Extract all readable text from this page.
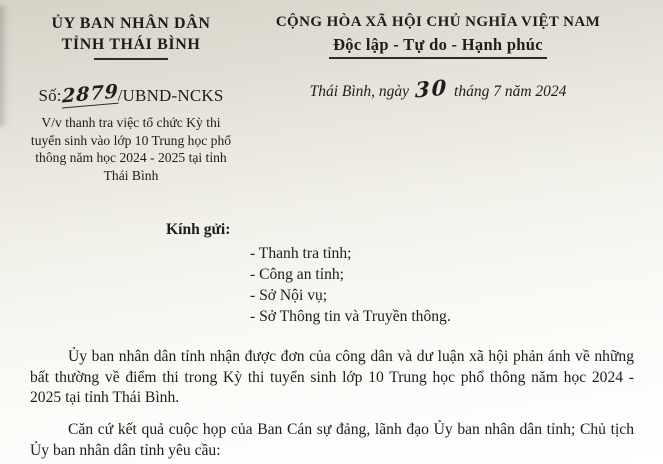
ỦY BAN NHÂN DÂN
TỈNH THÁI BÌNH
Số:2879/UBND-NCKS
V/v thanh tra việc tổ chức Kỳ thi tuyển sinh vào lớp 10 Trung học phổ thông năm học 2024 - 2025 tại tỉnh Thái Bình
CỘNG HÒA XÃ HỘI CHỦ NGHĨA VIỆT NAM
Độc lập - Tự do - Hạnh phúc
Thái Bình, ngày 30 tháng 7 năm 2024
Kính gửi:
- Thanh tra tỉnh;
- Công an tỉnh;
- Sở Nội vụ;
- Sở Thông tin và Truyền thông.

Ủy ban nhân dân tỉnh nhận được đơn của công dân và dư luận xã hội phản ánh về những bất thường về điểm thi trong Kỳ thi tuyển sinh lớp 10 Trung học phổ thông năm học 2024 - 2025 tại tỉnh Thái Bình.

Căn cứ kết quả cuộc họp của Ban Cán sự đảng, lãnh đạo Ủy ban nhân dân tỉnh; Chủ tịch Ủy ban nhân dân tỉnh yêu cầu:
